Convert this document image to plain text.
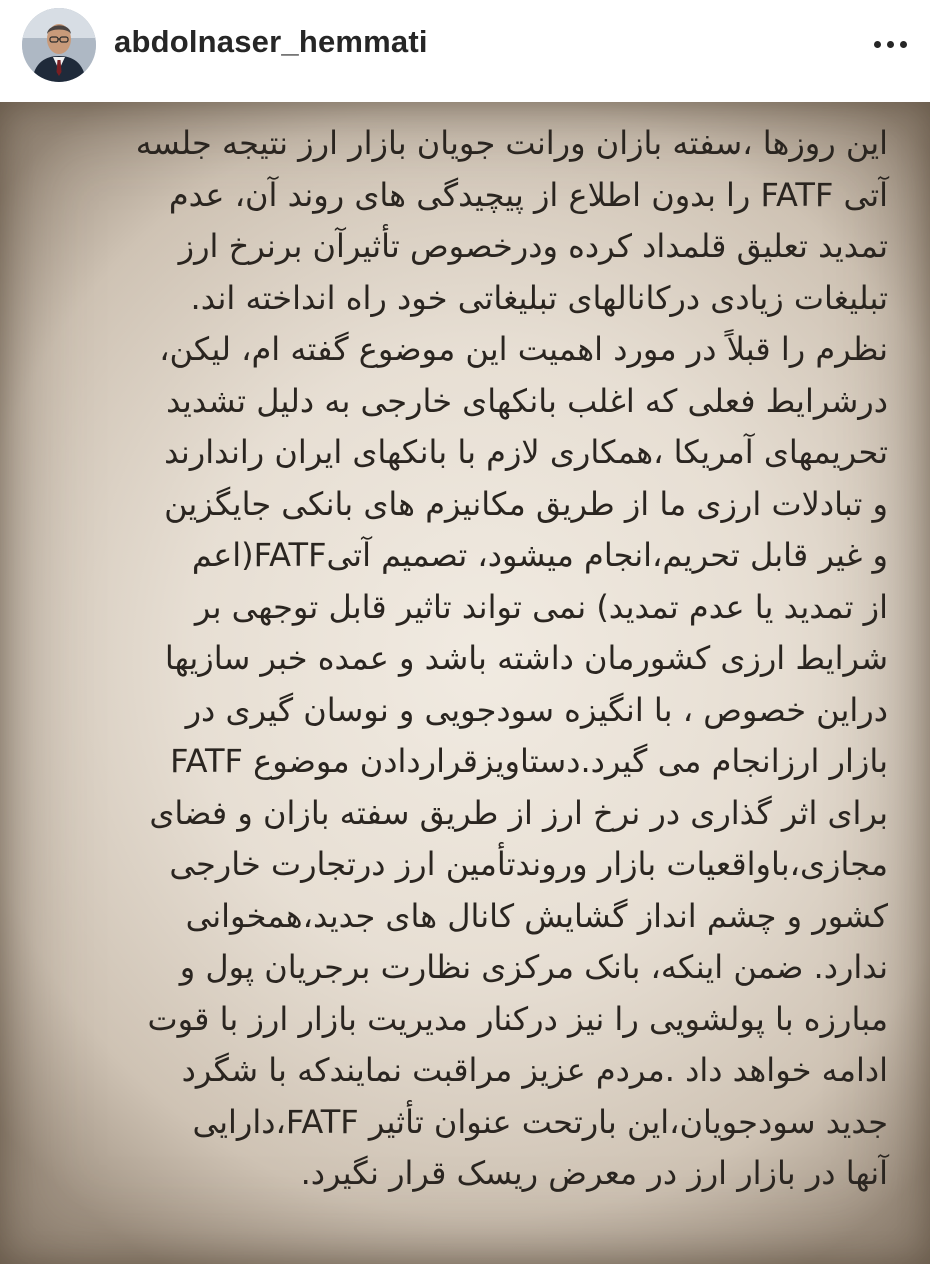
abdolnaser_hemmati
این روزها ،سفته بازان ورانت جویان بازار ارز نتیجه جلسه
آتی FATF را بدون اطلاع از پیچیدگی های روند آن، عدم
تمدید تعلیق قلمداد کرده ودرخصوص تأثیرآن برنرخ ارز
تبلیغات زیادی درکانالهای تبلیغاتی خود راه انداخته اند.
نظرم را قبلاً در مورد اهمیت این موضوع گفته ام، لیکن،
درشرایط فعلی که اغلب بانکهای خارجی به دلیل تشدید
تحریمهای آمریکا ،همکاری لازم با بانکهای ایران راندارند
و تبادلات ارزی ما از طریق مکانیزم های بانکی جایگزین
و غیر قابل تحریم،انجام میشود، تصمیم آتیFATF(اعم
از تمدید یا عدم تمدید) نمی تواند تاثیر قابل توجهی بر
شرایط ارزی کشورمان داشته باشد و عمده خبر سازیها
دراین خصوص ، با انگیزه سودجویی و نوسان گیری در
بازار ارزانجام می گیرد.دستاویزقراردادن موضوع FATF
برای اثر گذاری در نرخ ارز از طریق سفته بازان و فضای
مجازی،باواقعیات بازار وروندتأمین ارز درتجارت خارجی
کشور و چشم انداز گشایش کانال های جدید،همخوانی
ندارد. ضمن اینکه، بانک مرکزی نظارت برجریان پول و
مبارزه با پولشویی را نیز درکنار مدیریت بازار ارز با قوت
ادامه خواهد داد .مردم عزیز مراقبت نمایندکه با شگرد
جدید سودجویان،این بارتحت عنوان تأثیر FATF،دارایی
آنها در بازار ارز در معرض ریسک قرار نگیرد.
